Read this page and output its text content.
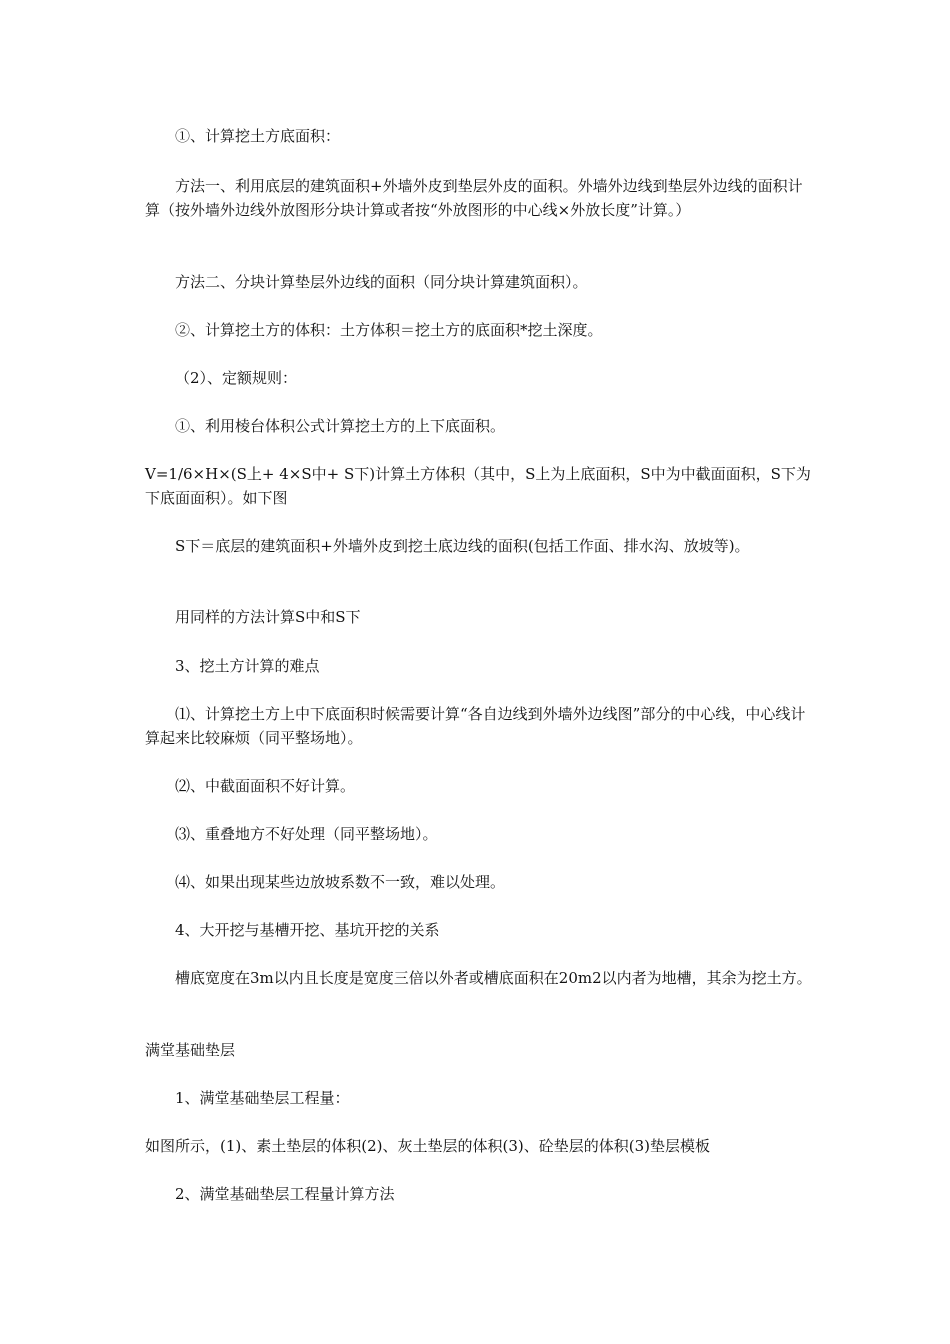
①、计算挖土方底面积：

方法一、利用底层的建筑面积+外墙外皮到垫层外皮的面积。外墙外边线到垫层外边线的面积计算（按外墙外边线外放图形分块计算或者按“外放图形的中心线×外放长度”计算。）

方法二、分块计算垫层外边线的面积（同分块计算建筑面积）。

②、计算挖土方的体积：土方体积＝挖土方的底面积*挖土深度。

（2）、定额规则：

①、利用棱台体积公式计算挖土方的上下底面积。

V=1/6×H×(S上+ 4×S中+ S下)计算土方体积（其中，S上为上底面积，S中为中截面面积，S下为下底面面积）。如下图

S下＝底层的建筑面积+外墙外皮到挖土底边线的面积(包括工作面、排水沟、放坡等)。

用同样的方法计算S中和S下

3、挖土方计算的难点

⑴、计算挖土方上中下底面积时候需要计算“各自边线到外墙外边线图”部分的中心线，中心线计算起来比较麻烦（同平整场地）。

⑵、中截面面积不好计算。

⑶、重叠地方不好处理（同平整场地）。

⑷、如果出现某些边放坡系数不一致，难以处理。

4、大开挖与基槽开挖、基坑开挖的关系

槽底宽度在3m以内且长度是宽度三倍以外者或槽底面积在20m2以内者为地槽，其余为挖土方。

满堂基础垫层

1、满堂基础垫层工程量：

如图所示，(1)、素土垫层的体积(2)、灰土垫层的体积(3)、砼垫层的体积(3)垫层模板

2、满堂基础垫层工程量计算方法
